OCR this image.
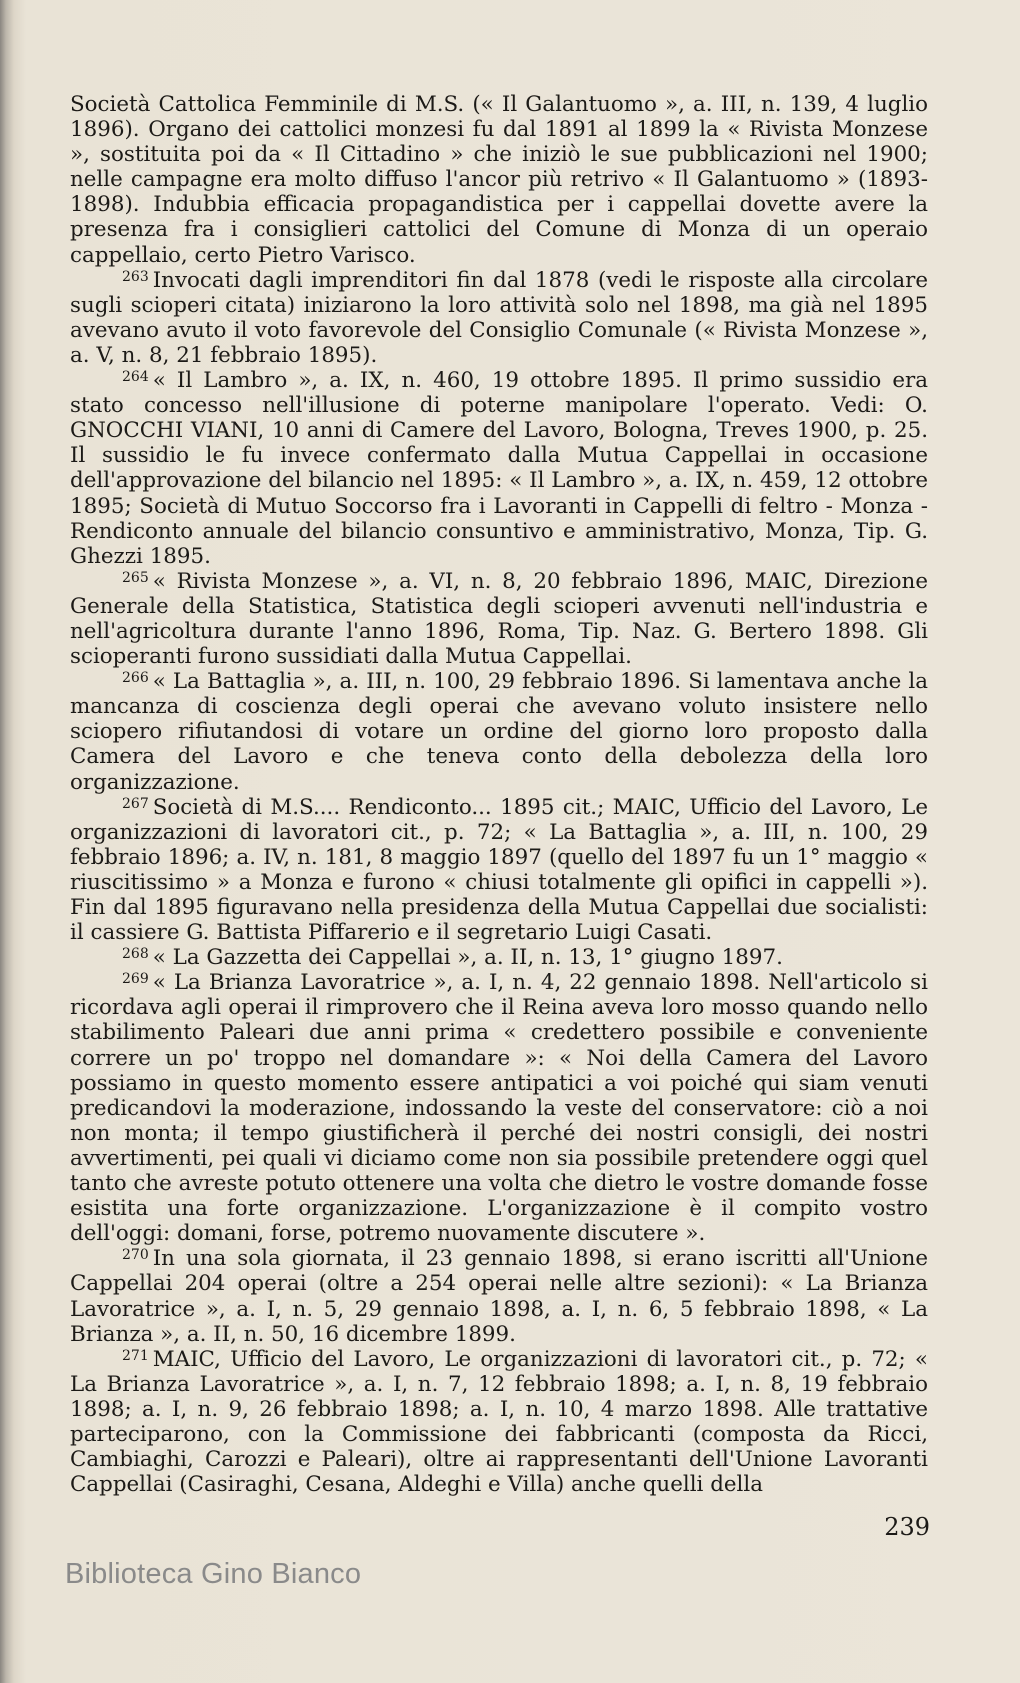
Società Cattolica Femminile di M.S. (« Il Galantuomo », a. III, n. 139, 4 luglio 1896). Organo dei cattolici monzesi fu dal 1891 al 1899 la « Rivista Monzese », sostituita poi da « Il Cittadino » che iniziò le sue pubblicazioni nel 1900; nelle campagne era molto diffuso l'ancor più retrivo « Il Galantuomo » (1893-1898). Indubbia efficacia propagandistica per i cappellai dovette avere la presenza fra i consiglieri cattolici del Comune di Monza di un operaio cappellaio, certo Pietro Varisco.

$^{263}$ Invocati dagli imprenditori fin dal 1878 (vedi le risposte alla circolare sugli scioperi citata) iniziarono la loro attività solo nel 1898, ma già nel 1895 avevano avuto il voto favorevole del Consiglio Comunale (« Rivista Monzese », a. V, n. 8, 21 febbraio 1895).

$^{264}$ « Il Lambro », a. IX, n. 460, 19 ottobre 1895. Il primo sussidio era stato concesso nell'illusione di poterne manipolare l'operato. Vedi: O. GNOCCHI VIANI, 10 anni di Camere del Lavoro, Bologna, Treves 1900, p. 25. Il sussidio le fu invece confermato dalla Mutua Cappellai in occasione dell'approvazione del bilancio nel 1895: « Il Lambro », a. IX, n. 459, 12 ottobre 1895; Società di Mutuo Soccorso fra i Lavoranti in Cappelli di feltro - Monza - Rendiconto annuale del bilancio consuntivo e amministrativo, Monza, Tip. G. Ghezzi 1895.

$^{265}$ « Rivista Monzese », a. VI, n. 8, 20 febbraio 1896, MAIC, Direzione Generale della Statistica, Statistica degli scioperi avvenuti nell'industria e nell'agricoltura durante l'anno 1896, Roma, Tip. Naz. G. Bertero 1898. Gli scioperanti furono sussidiati dalla Mutua Cappellai.

$^{266}$ « La Battaglia », a. III, n. 100, 29 febbraio 1896. Si lamentava anche la mancanza di coscienza degli operai che avevano voluto insistere nello sciopero rifiutandosi di votare un ordine del giorno loro proposto dalla Camera del Lavoro e che teneva conto della debolezza della loro organizzazione.

$^{267}$ Società di M.S.... Rendiconto... 1895 cit.; MAIC, Ufficio del Lavoro, Le organizzazioni di lavoratori cit., p. 72; « La Battaglia », a. III, n. 100, 29 febbraio 1896; a. IV, n. 181, 8 maggio 1897 (quello del 1897 fu un 1° maggio « riuscitissimo » a Monza e furono « chiusi totalmente gli opifici in cappelli »). Fin dal 1895 figuravano nella presidenza della Mutua Cappellai due socialisti: il cassiere G. Battista Piffarerio e il segretario Luigi Casati.

$^{268}$ « La Gazzetta dei Cappellai », a. II, n. 13, 1° giugno 1897.

$^{269}$ « La Brianza Lavoratrice », a. I, n. 4, 22 gennaio 1898. Nell'articolo si ricordava agli operai il rimprovero che il Reina aveva loro mosso quando nello stabilimento Paleari due anni prima « credettero possibile e conveniente correre un po' troppo nel domandare »: « Noi della Camera del Lavoro possiamo in questo momento essere antipatici a voi poiché qui siam venuti predicandovi la moderazione, indossando la veste del conservatore: ciò a noi non monta; il tempo giustificherà il perché dei nostri consigli, dei nostri avvertimenti, pei quali vi diciamo come non sia possibile pretendere oggi quel tanto che avreste potuto ottenere una volta che dietro le vostre domande fosse esistita una forte organizzazione. L'organizzazione è il compito vostro dell'oggi: domani, forse, potremo nuovamente discutere ».

$^{270}$ In una sola giornata, il 23 gennaio 1898, si erano iscritti all'Unione Cappellai 204 operai (oltre a 254 operai nelle altre sezioni): « La Brianza Lavoratrice », a. I, n. 5, 29 gennaio 1898, a. I, n. 6, 5 febbraio 1898, « La Brianza », a. II, n. 50, 16 dicembre 1899.

$^{271}$ MAIC, Ufficio del Lavoro, Le organizzazioni di lavoratori cit., p. 72; « La Brianza Lavoratrice », a. I, n. 7, 12 febbraio 1898; a. I, n. 8, 19 febbraio 1898; a. I, n. 9, 26 febbraio 1898; a. I, n. 10, 4 marzo 1898. Alle trattative parteciparono, con la Commissione dei fabbricanti (composta da Ricci, Cambiaghi, Carozzi e Paleari), oltre ai rappresentanti dell'Unione Lavoranti Cappellai (Casiraghi, Cesana, Aldeghi e Villa) anche quelli della

239
Biblioteca Gino Bianco
